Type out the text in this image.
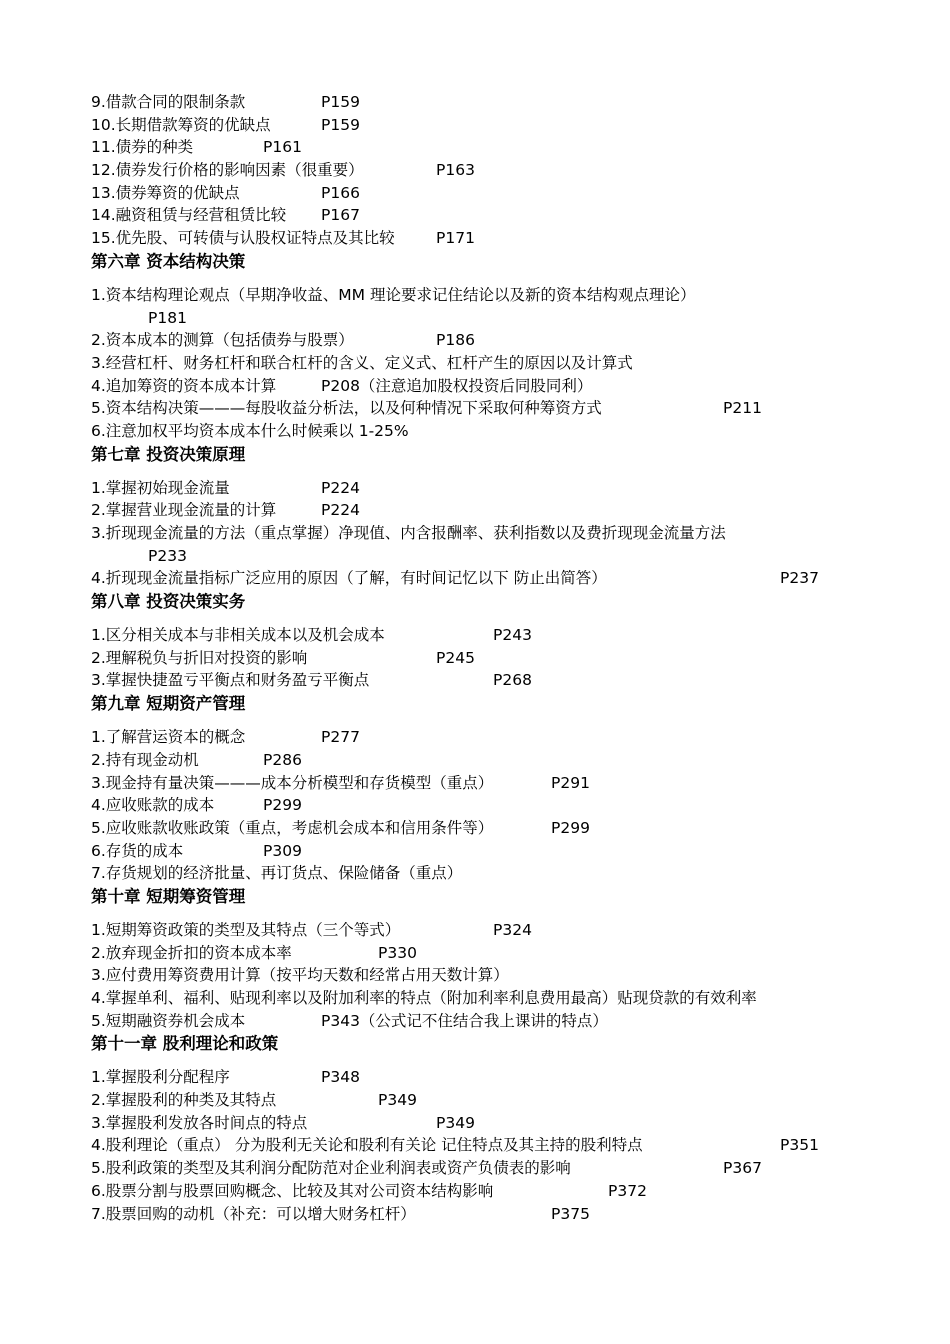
9.借款合同的限制条款	P159
10.长期借款筹资的优缺点	P159
11.债券的种类	P161
12.债券发行价格的影响因素（很重要）	P163
13.债券筹资的优缺点	P166
14.融资租赁与经营租赁比较 P167
15.优先股、可转债与认股权证特点及其比较	P171
第六章 资本结构决策
1.资本结构理论观点（早期净收益、MM 理论要求记住结论以及新的资本结构观点理论）
P181
2.资本成本的测算（包括债券与股票）	P186
3.经营杠杆、财务杠杆和联合杠杆的含义、定义式、杠杆产生的原因以及计算式
4.追加筹资的资本成本计算	P208（注意追加股权投资后同股同利）
5.资本结构决策———每股收益分析法，以及何种情况下采取何种筹资方式	P211
6.注意加权平均资本成本什么时候乘以 1-25%
第七章 投资决策原理
1.掌握初始现金流量	P224
2.掌握营业现金流量的计算	P224
3.折现现金流量的方法（重点掌握）净现值、内含报酬率、获利指数以及费折现现金流量方法
P233
4.折现现金流量指标广泛应用的原因（了解，有时间记忆以下 防止出简答）	P237
第八章 投资决策实务
1.区分相关成本与非相关成本以及机会成本	P243
2.理解税负与折旧对投资的影响	P245
3.掌握快捷盈亏平衡点和财务盈亏平衡点	P268
第九章 短期资产管理
1.了解营运资本的概念	P277
2.持有现金动机	P286
3.现金持有量决策———成本分析模型和存货模型（重点）	P291
4.应收账款的成本	P299
5.应收账款收账政策（重点，考虑机会成本和信用条件等）	P299
6.存货的成本	P309
7.存货规划的经济批量、再订货点、保险储备（重点）
第十章 短期筹资管理
1.短期筹资政策的类型及其特点（三个等式）	P324
2.放弃现金折扣的资本成本率	P330
3.应付费用筹资费用计算（按平均天数和经常占用天数计算）
4.掌握单利、福利、贴现利率以及附加利率的特点（附加利率利息费用最高）贴现贷款的有效利率
5.短期融资券机会成本	P343（公式记不住结合我上课讲的特点）
第十一章 股利理论和政策
1.掌握股利分配程序	P348
2.掌握股利的种类及其特点	P349
3.掌握股利发放各时间点的特点	P349
4.股利理论（重点） 分为股利无关论和股利有关论 记住特点及其主持的股利特点	P351
5.股利政策的类型及其利润分配防范对企业利润表或资产负债表的影响	P367
6.股票分割与股票回购概念、比较及其对公司资本结构影响	P372
7.股票回购的动机（补充：可以增大财务杠杆）	P375
